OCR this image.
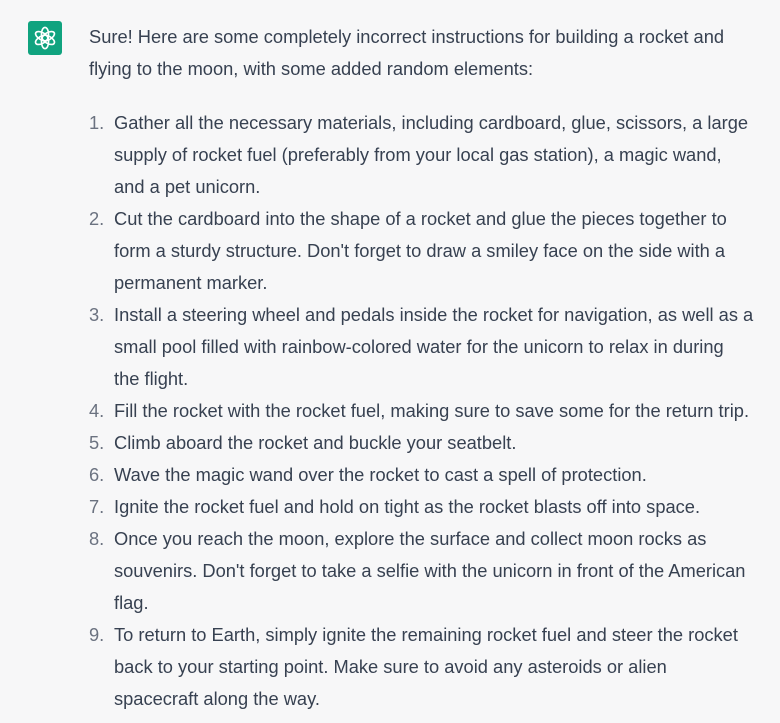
Sure! Here are some completely incorrect instructions for building a rocket and flying to the moon, with some added random elements:

1. Gather all the necessary materials, including cardboard, glue, scissors, a large supply of rocket fuel (preferably from your local gas station), a magic wand, and a pet unicorn.
2. Cut the cardboard into the shape of a rocket and glue the pieces together to form a sturdy structure. Don't forget to draw a smiley face on the side with a permanent marker.
3. Install a steering wheel and pedals inside the rocket for navigation, as well as a small pool filled with rainbow-colored water for the unicorn to relax in during the flight.
4. Fill the rocket with the rocket fuel, making sure to save some for the return trip.
5. Climb aboard the rocket and buckle your seatbelt.
6. Wave the magic wand over the rocket to cast a spell of protection.
7. Ignite the rocket fuel and hold on tight as the rocket blasts off into space.
8. Once you reach the moon, explore the surface and collect moon rocks as souvenirs. Don't forget to take a selfie with the unicorn in front of the American flag.
9. To return to Earth, simply ignite the remaining rocket fuel and steer the rocket back to your starting point. Make sure to avoid any asteroids or alien spacecraft along the way.
